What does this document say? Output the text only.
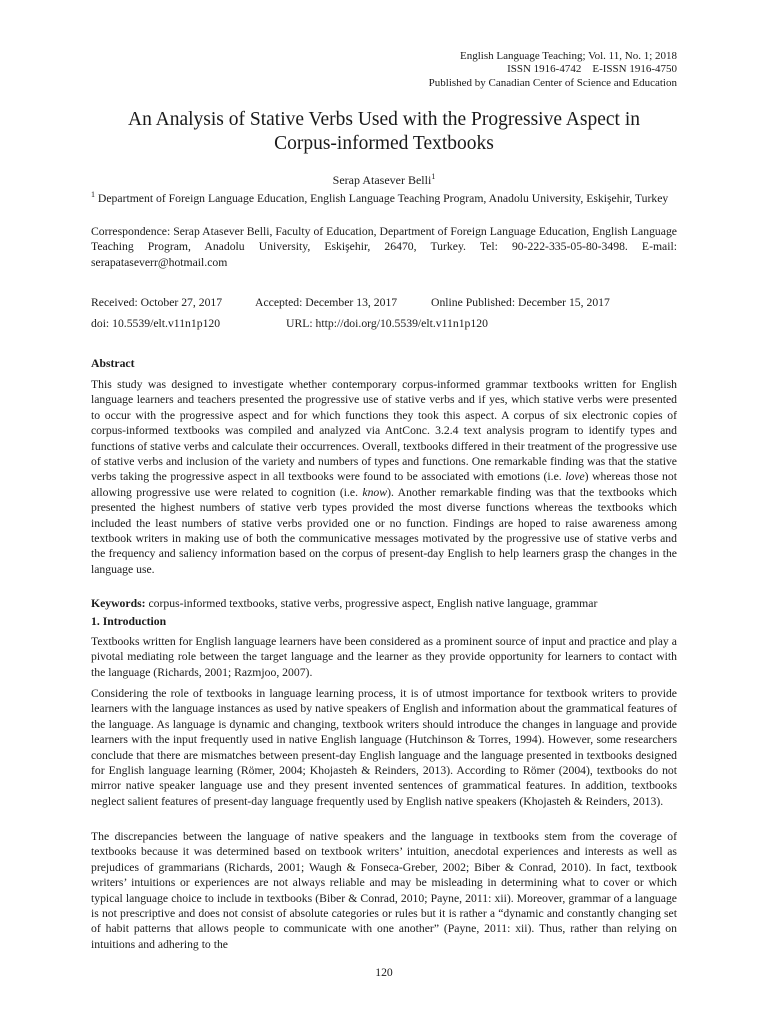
English Language Teaching; Vol. 11, No. 1; 2018
ISSN 1916-4742    E-ISSN 1916-4750
Published by Canadian Center of Science and Education
An Analysis of Stative Verbs Used with the Progressive Aspect in
Corpus-informed Textbooks
Serap Atasever Belli$^1$
$^1$ Department of Foreign Language Education, English Language Teaching Program, Anadolu University, Eskişehir, Turkey
Correspondence: Serap Atasever Belli, Faculty of Education, Department of Foreign Language Education, English Language Teaching Program, Anadolu University, Eskişehir, 26470, Turkey. Tel: 90-222-335-05-80-3498. E-mail: serapataseverr@hotmail.com
Received: October 27, 2017	Accepted: December 13, 2017	Online Published: December 15, 2017
doi: 10.5539/elt.v11n1p120	URL: http://doi.org/10.5539/elt.v11n1p120
Abstract
This study was designed to investigate whether contemporary corpus-informed grammar textbooks written for English language learners and teachers presented the progressive use of stative verbs and if yes, which stative verbs were presented to occur with the progressive aspect and for which functions they took this aspect. A corpus of six electronic copies of corpus-informed textbooks was compiled and analyzed via AntConc. 3.2.4 text analysis program to identify types and functions of stative verbs and calculate their occurrences. Overall, textbooks differed in their treatment of the progressive use of stative verbs and inclusion of the variety and numbers of types and functions. One remarkable finding was that the stative verbs taking the progressive aspect in all textbooks were found to be associated with emotions (i.e. love) whereas those not allowing progressive use were related to cognition (i.e. know). Another remarkable finding was that the textbooks which presented the highest numbers of stative verb types provided the most diverse functions whereas the textbooks which included the least numbers of stative verbs provided one or no function. Findings are hoped to raise awareness among textbook writers in making use of both the communicative messages motivated by the progressive use of stative verbs and the frequency and saliency information based on the corpus of present-day English to help learners grasp the changes in the language use.
Keywords: corpus-informed textbooks, stative verbs, progressive aspect, English native language, grammar
1. Introduction
Textbooks written for English language learners have been considered as a prominent source of input and practice and play a pivotal mediating role between the target language and the learner as they provide opportunity for learners to contact with the language (Richards, 2001; Razmjoo, 2007).
Considering the role of textbooks in language learning process, it is of utmost importance for textbook writers to provide learners with the language instances as used by native speakers of English and information about the grammatical features of the language. As language is dynamic and changing, textbook writers should introduce the changes in language and provide learners with the input frequently used in native English language (Hutchinson & Torres, 1994). However, some researchers conclude that there are mismatches between present-day English language and the language presented in textbooks designed for English language learning (Römer, 2004; Khojasteh & Reinders, 2013). According to Römer (2004), textbooks do not mirror native speaker language use and they present invented sentences of grammatical features. In addition, textbooks neglect salient features of present-day language frequently used by English native speakers (Khojasteh & Reinders, 2013).
The discrepancies between the language of native speakers and the language in textbooks stem from the coverage of textbooks because it was determined based on textbook writers’ intuition, anecdotal experiences and interests as well as prejudices of grammarians (Richards, 2001; Waugh & Fonseca-Greber, 2002; Biber & Conrad, 2010). In fact, textbook writers’ intuitions or experiences are not always reliable and may be misleading in determining what to cover or which typical language choice to include in textbooks (Biber & Conrad, 2010; Payne, 2011: xii). Moreover, grammar of a language is not prescriptive and does not consist of absolute categories or rules but it is rather a “dynamic and constantly changing set of habit patterns that allows people to communicate with one another” (Payne, 2011: xii). Thus, rather than relying on intuitions and adhering to the
120
